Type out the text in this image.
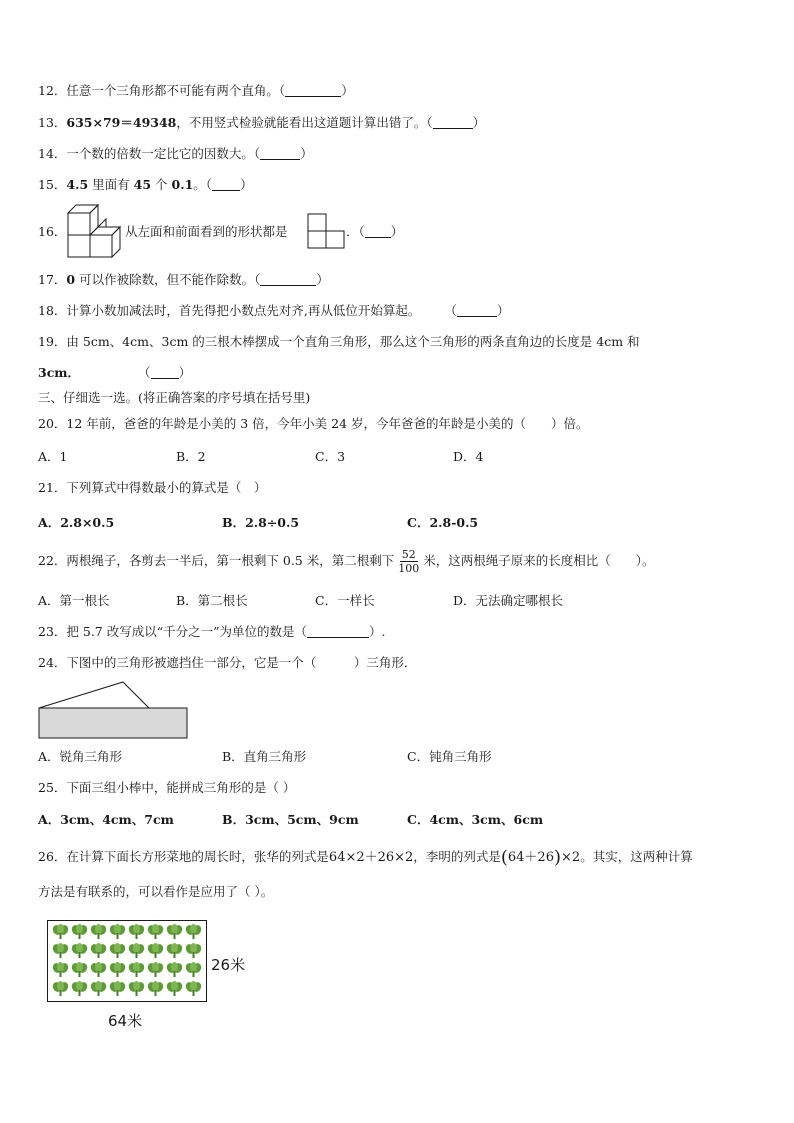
12．任意一个三角形都不可能有两个直角。（	）
13．635×79＝49348，不用竖式检验就能看出这道题计算出错了。（	）
14．一个数的倍数一定比它的因数大。（	）
15．4.5 里面有 45 个 0.1。（ ）
16．	从左面和前面看到的形状都是	．（ ）
17．0 可以作被除数，但不能作除数。（	）
18．计算小数加减法时，首先得把小数点先对齐,再从低位开始算起。 （	）
19．由 5cm、4cm、3cm 的三根木棒摆成一个直角三角形，那么这个三角形的两条直角边的长度是 4cm 和
3cm．	（ ）
三、仔细选一选。(将正确答案的序号填在括号里)
20．12 年前，爸爸的年龄是小美的 3 倍，今年小美 24 岁，今年爸爸的年龄是小美的（　　）倍。
A．1	B．2	C．3	D．4
21．下列算式中得数最小的算式是（　）
A．2.8×0.5	B．2.8÷0.5	C．2.8-0.5
22．两根绳子，各剪去一半后，第一根剩下 0.5 米，第二根剩下 $\frac{52}{100}$ 米，这两根绳子原来的长度相比（　　）。
A．第一根长	B．第二根长	C．一样长	D．无法确定哪根长
23．把 5.7 改写成以“千分之一”为单位的数是（	）.
24．下图中的三角形被遮挡住一部分，它是一个（　　　）三角形．
A．锐角三角形	B．直角三角形	C．钝角三角形
25．下面三组小棒中，能拼成三角形的是（ ）
A．3cm、4cm、7cm	B．3cm、5cm、9cm	C．4cm、3cm、6cm
26．在计算下面长方形菜地的周长时，张华的列式是64×2＋26×2，李明的列式是(64＋26)×2。其实，这两种计算
方法是有联系的，可以看作是应用了（ ）。
26米
64米
